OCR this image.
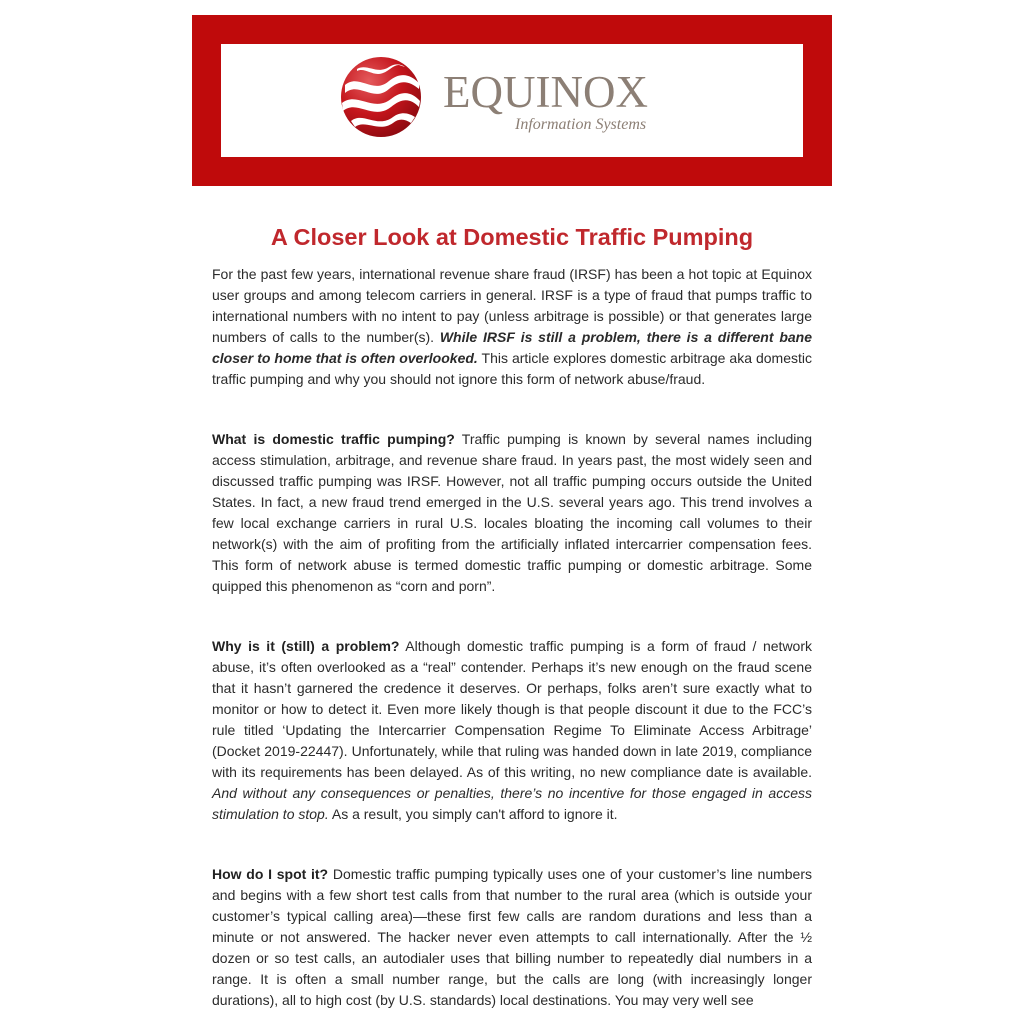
EQUINOX
Information Systems
A Closer Look at Domestic Traffic Pumping

For the past few years, international revenue share fraud (IRSF) has been a hot topic at Equinox user groups and among telecom carriers in general. IRSF is a type of fraud that pumps traffic to international numbers with no intent to pay (unless arbitrage is possible) or that generates large numbers of calls to the number(s). While IRSF is still a problem, there is a different bane closer to home that is often overlooked. This article explores domestic arbitrage aka domestic traffic pumping and why you should not ignore this form of network abuse/fraud.

What is domestic traffic pumping? Traffic pumping is known by several names including access stimulation, arbitrage, and revenue share fraud. In years past, the most widely seen and discussed traffic pumping was IRSF. However, not all traffic pumping occurs outside the United States. In fact, a new fraud trend emerged in the U.S. several years ago. This trend involves a few local exchange carriers in rural U.S. locales bloating the incoming call volumes to their network(s) with the aim of profiting from the artificially inflated intercarrier compensation fees. This form of network abuse is termed domestic traffic pumping or domestic arbitrage. Some quipped this phenomenon as “corn and porn”.

Why is it (still) a problem? Although domestic traffic pumping is a form of fraud / network abuse, it’s often overlooked as a “real” contender. Perhaps it’s new enough on the fraud scene that it hasn’t garnered the credence it deserves. Or perhaps, folks aren’t sure exactly what to monitor or how to detect it. Even more likely though is that people discount it due to the FCC’s rule titled ‘Updating the Intercarrier Compensation Regime To Eliminate Access Arbitrage’ (Docket 2019-22447). Unfortunately, while that ruling was handed down in late 2019, compliance with its requirements has been delayed. As of this writing, no new compliance date is available. And without any consequences or penalties, there’s no incentive for those engaged in access stimulation to stop. As a result, you simply can't afford to ignore it.

How do I spot it? Domestic traffic pumping typically uses one of your customer’s line numbers and begins with a few short test calls from that number to the rural area (which is outside your customer’s typical calling area)—these first few calls are random durations and less than a minute or not answered. The hacker never even attempts to call internationally. After the ½ dozen or so test calls, an autodialer uses that billing number to repeatedly dial numbers in a range. It is often a small number range, but the calls are long (with increasingly longer durations), all to high cost (by U.S. standards) local destinations. You may very well see
